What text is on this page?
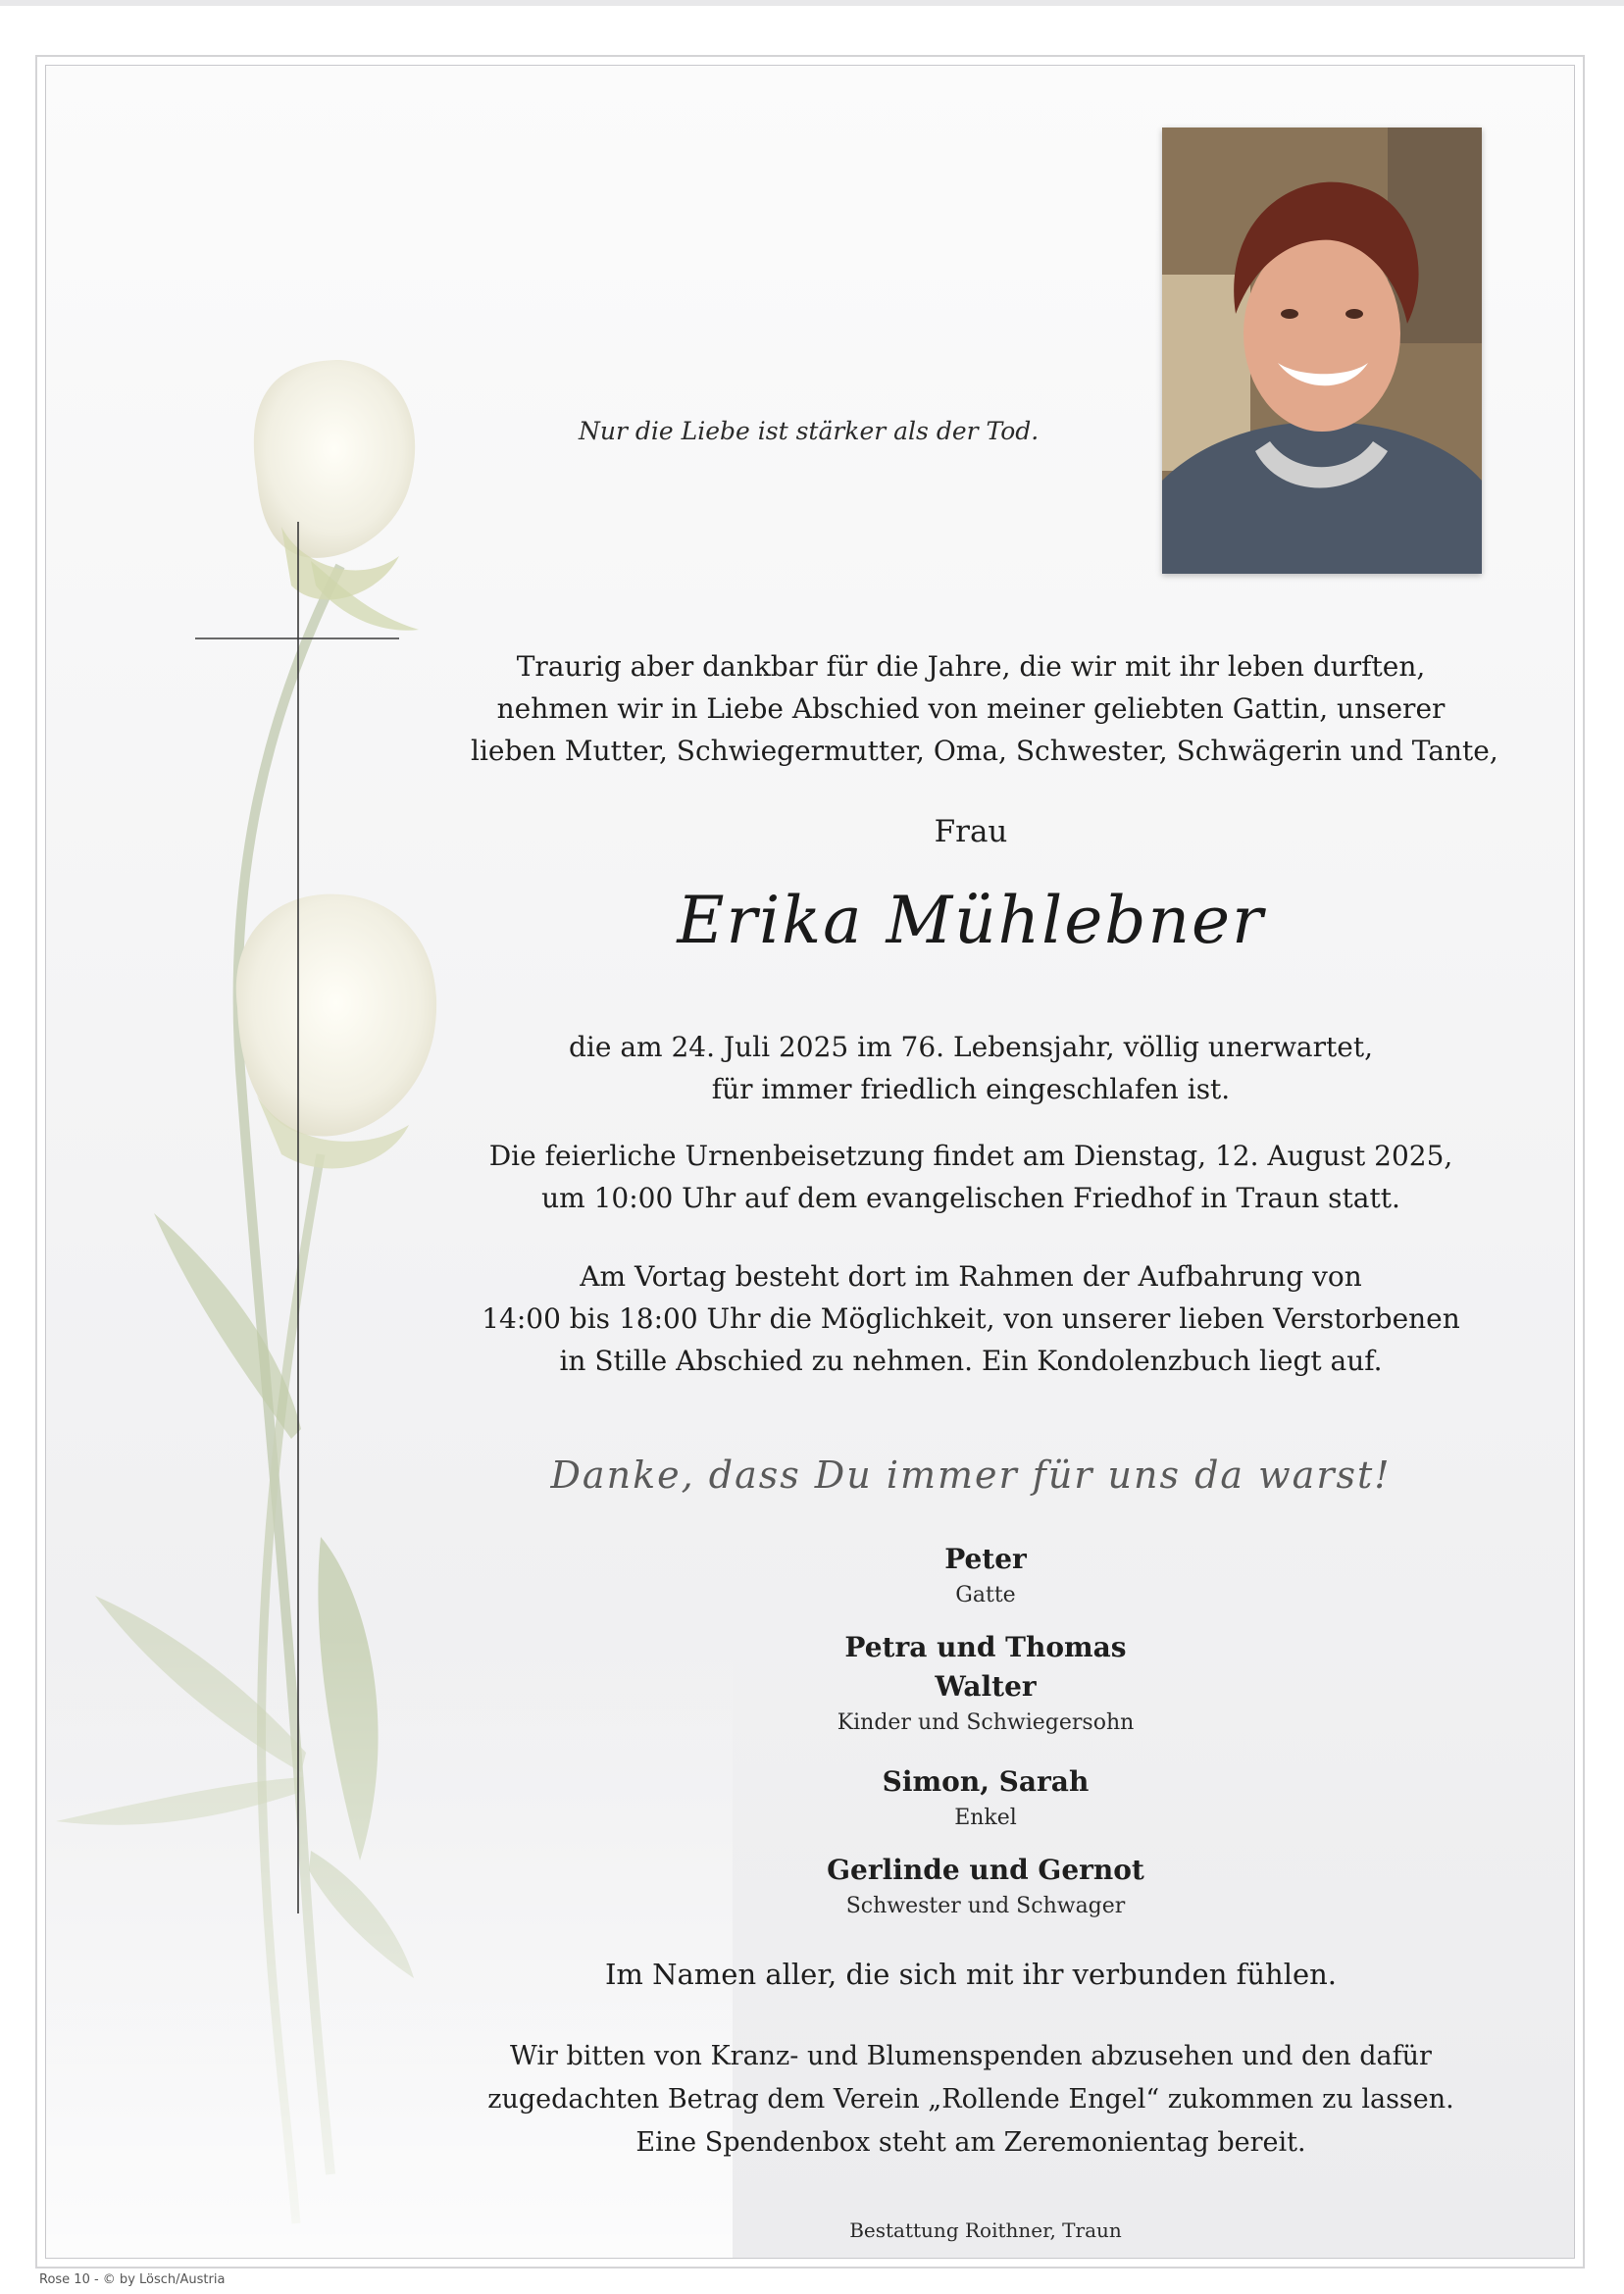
Nur die Liebe ist stärker als der Tod.
Traurig aber dankbar für die Jahre, die wir mit ihr leben durften,
nehmen wir in Liebe Abschied von meiner geliebten Gattin, unserer
lieben Mutter, Schwiegermutter, Oma, Schwester, Schwägerin und Tante,
Frau
Erika Mühlebner
die am 24. Juli 2025 im 76. Lebensjahr, völlig unerwartet,
für immer friedlich eingeschlafen ist.
Die feierliche Urnenbeisetzung findet am Dienstag, 12. August 2025,
um 10:00 Uhr auf dem evangelischen Friedhof in Traun statt.
Am Vortag besteht dort im Rahmen der Aufbahrung von
14:00 bis 18:00 Uhr die Möglichkeit, von unserer lieben Verstorbenen
in Stille Abschied zu nehmen. Ein Kondolenzbuch liegt auf.
Danke, dass Du immer für uns da warst!
Peter
Gatte
Petra und Thomas
Walter
Kinder und Schwiegersohn
Simon, Sarah
Enkel
Gerlinde und Gernot
Schwester und Schwager
Im Namen aller, die sich mit ihr verbunden fühlen.
Wir bitten von Kranz- und Blumenspenden abzusehen und den dafür
zugedachten Betrag dem Verein „Rollende Engel“ zukommen zu lassen.
Eine Spendenbox steht am Zeremonientag bereit.
Bestattung Roithner, Traun
Rose 10 - © by Lösch/Austria
